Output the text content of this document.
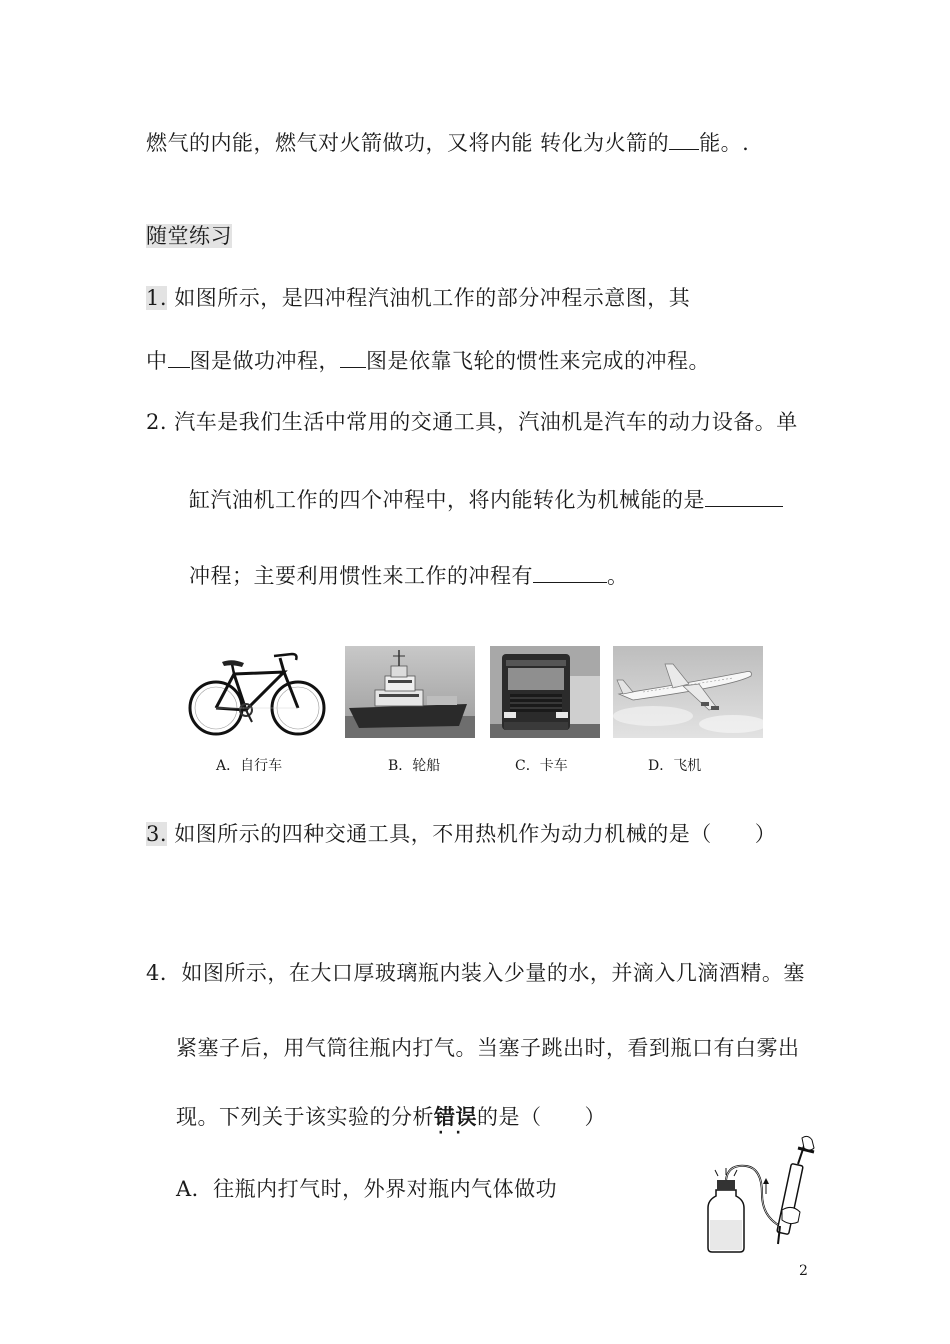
燃气的内能，燃气对火箭做功，又将内能 转化为火箭的 能。.
随堂练习
1. 如图所示，是四冲程汽油机工作的部分冲程示意图，其
中 图是做功冲程， 图是依靠飞轮的惯性来完成的冲程。
2. 汽车是我们生活中常用的交通工具，汽油机是汽车的动力设备。单
缸汽油机工作的四个冲程中，将内能转化为机械能的是
冲程；主要利用惯性来工作的冲程有	。
A．自行车	B．轮船	C．卡车	D．飞机
3. 如图所示的四种交通工具，不用热机作为动力机械的是（　　）
4．如图所示，在大口厚玻璃瓶内装入少量的水，并滴入几滴酒精。塞
紧塞子后，用气筒往瓶内打气。当塞子跳出时，看到瓶口有白雾出
现。下列关于该实验的分析错误
··
的是（　　）
A．往瓶内打气时，外界对瓶内气体做功
2
